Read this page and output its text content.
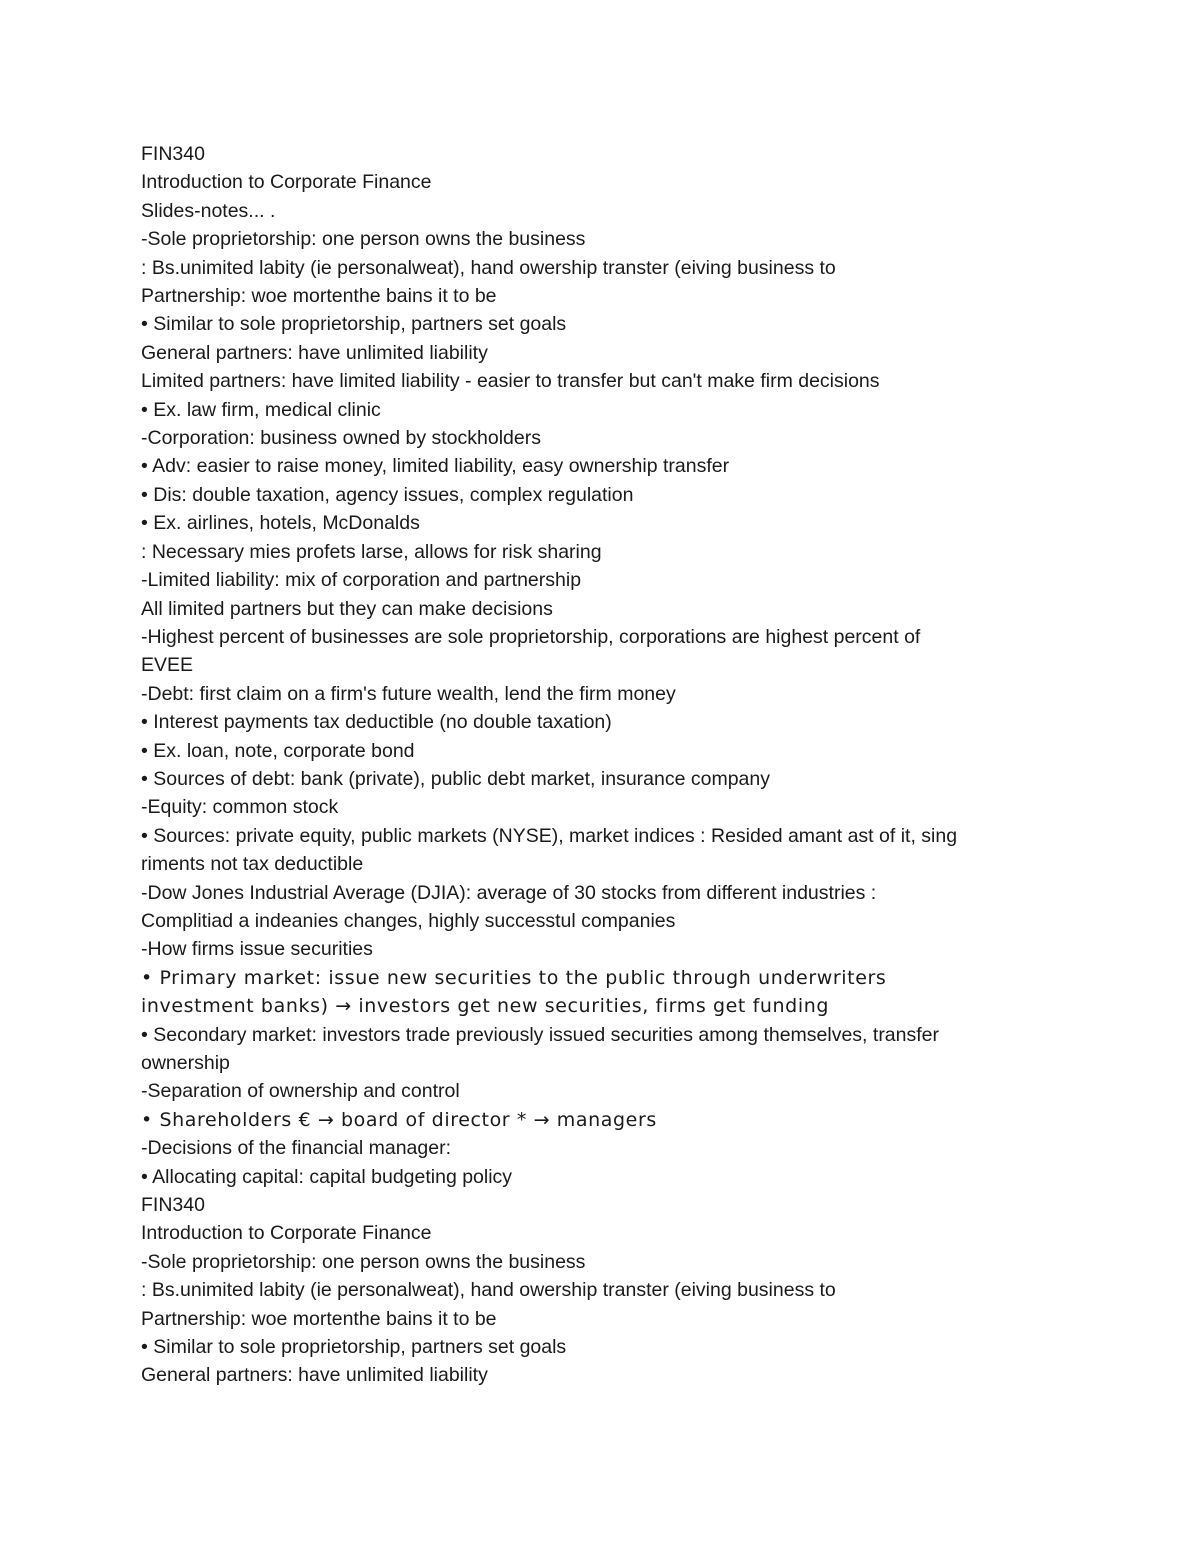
FIN340
Introduction to Corporate Finance
Slides-notes... .
-Sole proprietorship: one person owns the business
: Bs.unimited labity (ie personalweat), hand owership transter (eiving business to
Partnership: woe mortenthe bains it to be
• Similar to sole proprietorship, partners set goals
General partners: have unlimited liability
Limited partners: have limited liability - easier to transfer but can't make firm decisions
• Ex. law firm, medical clinic
-Corporation: business owned by stockholders
• Adv: easier to raise money, limited liability, easy ownership transfer
• Dis: double taxation, agency issues, complex regulation
• Ex. airlines, hotels, McDonalds
: Necessary mies profets larse, allows for risk sharing
-Limited liability: mix of corporation and partnership
All limited partners but they can make decisions
-Highest percent of businesses are sole proprietorship, corporations are highest percent of
EVEE
-Debt: first claim on a firm's future wealth, lend the firm money
• Interest payments tax deductible (no double taxation)
• Ex. loan, note, corporate bond
• Sources of debt: bank (private), public debt market, insurance company
-Equity: common stock
• Sources: private equity, public markets (NYSE), market indices : Resided amant ast of it, sing
riments not tax deductible
-Dow Jones Industrial Average (DJIA): average of 30 stocks from different industries :
Complitiad a indeanies changes, highly successtul companies
-How firms issue securities
• Primary market: issue new securities to the public through underwriters
investment banks) → investors get new securities, firms get funding
• Secondary market: investors trade previously issued securities among themselves, transfer
ownership
-Separation of ownership and control
• Shareholders € → board of director * → managers
-Decisions of the financial manager:
• Allocating capital: capital budgeting policy
FIN340
Introduction to Corporate Finance
-Sole proprietorship: one person owns the business
: Bs.unimited labity (ie personalweat), hand owership transter (eiving business to
Partnership: woe mortenthe bains it to be
• Similar to sole proprietorship, partners set goals
General partners: have unlimited liability
